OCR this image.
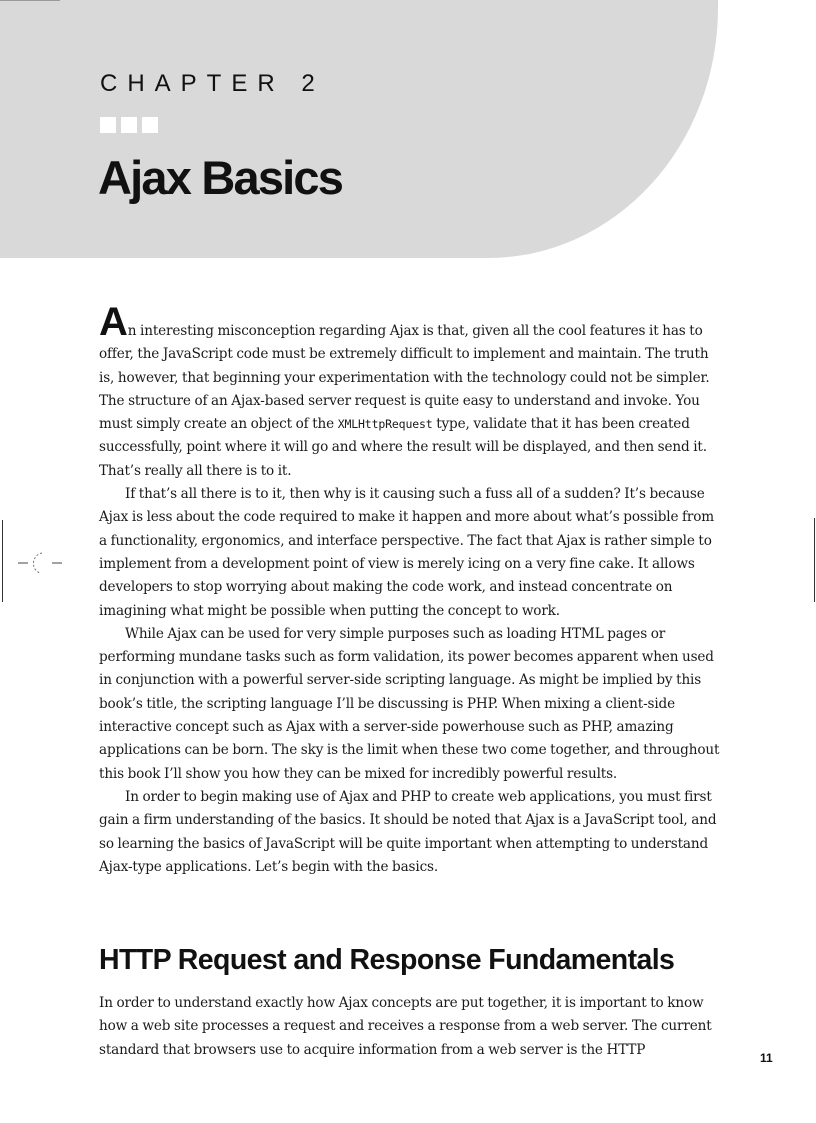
CHAPTER 2
Ajax Basics

An interesting misconception regarding Ajax is that, given all the cool features it has to offer, the JavaScript code must be extremely difficult to implement and maintain. The truth is, however, that beginning your experimentation with the technology could not be simpler. The structure of an Ajax-based server request is quite easy to understand and invoke. You must simply create an object of the XMLHttpRequest type, validate that it has been created successfully, point where it will go and where the result will be displayed, and then send it. That’s really all there is to it.

If that’s all there is to it, then why is it causing such a fuss all of a sudden? It’s because Ajax is less about the code required to make it happen and more about what’s possible from a functionality, ergonomics, and interface perspective. The fact that Ajax is rather simple to implement from a development point of view is merely icing on a very fine cake. It allows developers to stop worrying about making the code work, and instead concentrate on imagining what might be possible when putting the concept to work.

While Ajax can be used for very simple purposes such as loading HTML pages or performing mundane tasks such as form validation, its power becomes apparent when used in conjunction with a powerful server-side scripting language. As might be implied by this book’s title, the scripting language I’ll be discussing is PHP. When mixing a client-side interactive concept such as Ajax with a server-side powerhouse such as PHP, amazing applications can be born. The sky is the limit when these two come together, and throughout this book I’ll show you how they can be mixed for incredibly powerful results.

In order to begin making use of Ajax and PHP to create web applications, you must first gain a firm understanding of the basics. It should be noted that Ajax is a JavaScript tool, and so learning the basics of JavaScript will be quite important when attempting to understand Ajax-type applications. Let’s begin with the basics.

HTTP Request and Response Fundamentals

In order to understand exactly how Ajax concepts are put together, it is important to know how a web site processes a request and receives a response from a web server. The current standard that browsers use to acquire information from a web server is the HTTP

11
